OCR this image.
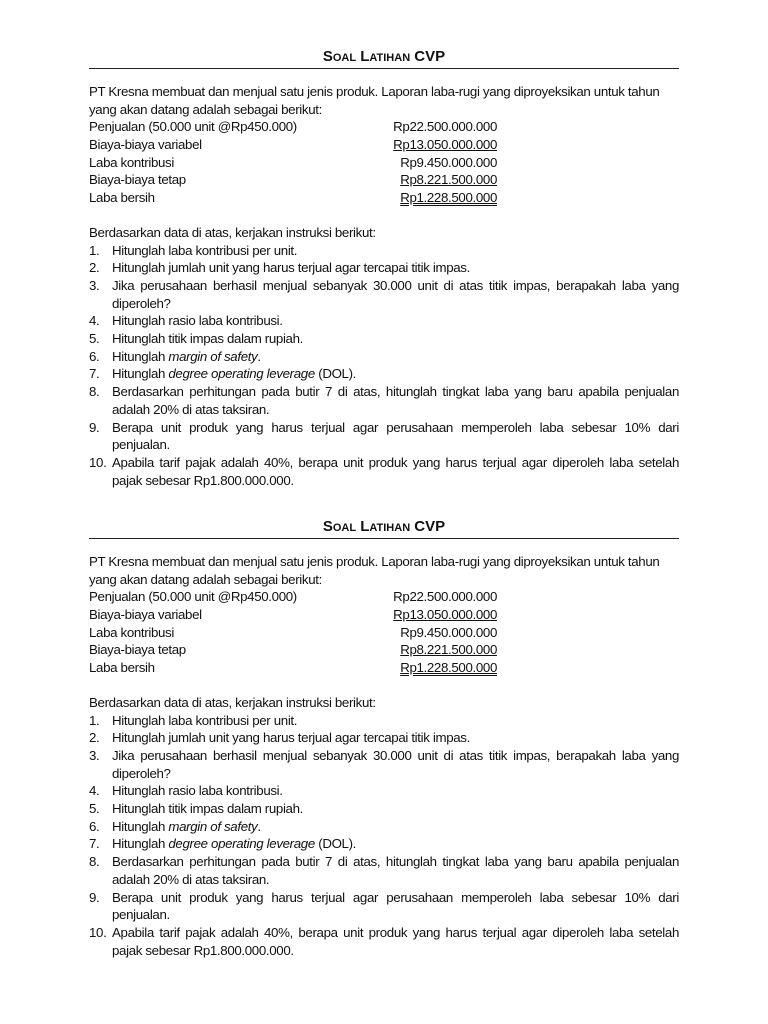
Soal Latihan CVP
PT Kresna membuat dan menjual satu jenis produk. Laporan laba-rugi yang diproyeksikan untuk tahun yang akan datang adalah sebagai berikut:
Penjualan (50.000 unit @Rp450.000)	Rp22.500.000.000
Biaya-biaya variabel	Rp13.050.000.000
Laba kontribusi	Rp9.450.000.000
Biaya-biaya tetap	Rp8.221.500.000
Laba bersih	Rp1.228.500.000
Berdasarkan data di atas, kerjakan instruksi berikut:
1. Hitunglah laba kontribusi per unit.
2. Hitunglah jumlah unit yang harus terjual agar tercapai titik impas.
3. Jika perusahaan berhasil menjual sebanyak 30.000 unit di atas titik impas, berapakah laba yang diperoleh?
4. Hitunglah rasio laba kontribusi.
5. Hitunglah titik impas dalam rupiah.
6. Hitunglah margin of safety.
7. Hitunglah degree operating leverage (DOL).
8. Berdasarkan perhitungan pada butir 7 di atas, hitunglah tingkat laba yang baru apabila penjualan adalah 20% di atas taksiran.
9. Berapa unit produk yang harus terjual agar perusahaan memperoleh laba sebesar 10% dari penjualan.
10. Apabila tarif pajak adalah 40%, berapa unit produk yang harus terjual agar diperoleh laba setelah pajak sebesar Rp1.800.000.000.
Soal Latihan CVP
PT Kresna membuat dan menjual satu jenis produk. Laporan laba-rugi yang diproyeksikan untuk tahun yang akan datang adalah sebagai berikut:
Penjualan (50.000 unit @Rp450.000)	Rp22.500.000.000
Biaya-biaya variabel	Rp13.050.000.000
Laba kontribusi	Rp9.450.000.000
Biaya-biaya tetap	Rp8.221.500.000
Laba bersih	Rp1.228.500.000
Berdasarkan data di atas, kerjakan instruksi berikut:
1. Hitunglah laba kontribusi per unit.
2. Hitunglah jumlah unit yang harus terjual agar tercapai titik impas.
3. Jika perusahaan berhasil menjual sebanyak 30.000 unit di atas titik impas, berapakah laba yang diperoleh?
4. Hitunglah rasio laba kontribusi.
5. Hitunglah titik impas dalam rupiah.
6. Hitunglah margin of safety.
7. Hitunglah degree operating leverage (DOL).
8. Berdasarkan perhitungan pada butir 7 di atas, hitunglah tingkat laba yang baru apabila penjualan adalah 20% di atas taksiran.
9. Berapa unit produk yang harus terjual agar perusahaan memperoleh laba sebesar 10% dari penjualan.
10. Apabila tarif pajak adalah 40%, berapa unit produk yang harus terjual agar diperoleh laba setelah pajak sebesar Rp1.800.000.000.
